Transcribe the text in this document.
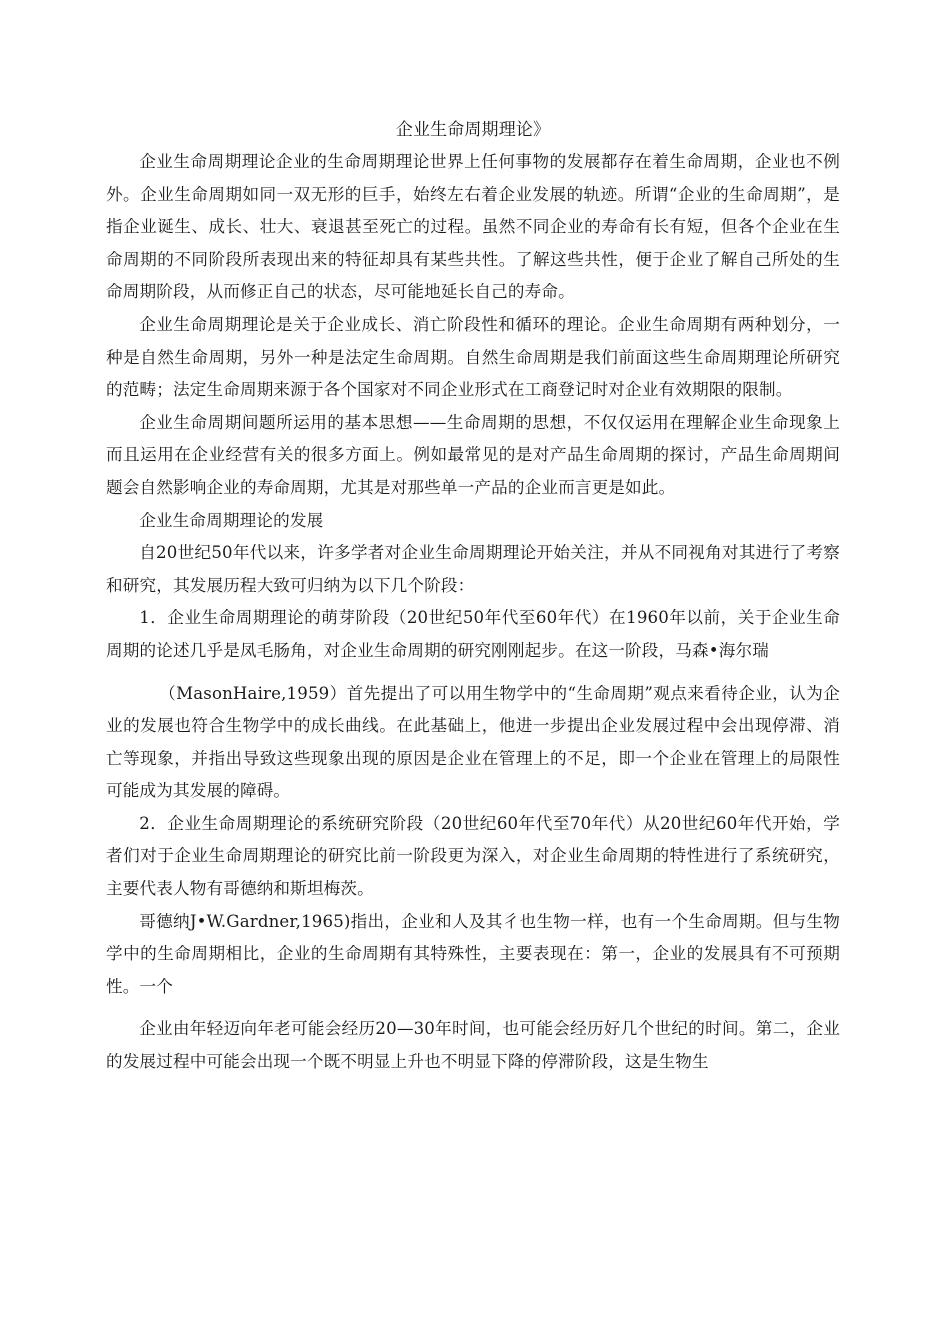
企业生命周期理论》

企业生命周期理论企业的生命周期理论世界上任何事物的发展都存在着生命周期，企业也不例外。企业生命周期如同一双无形的巨手，始终左右着企业发展的轨迹。所谓“企业的生命周期”，是指企业诞生、成长、壮大、衰退甚至死亡的过程。虽然不同企业的寿命有长有短，但各个企业在生命周期的不同阶段所表现出来的特征却具有某些共性。了解这些共性，便于企业了解自己所处的生命周期阶段，从而修正自己的状态，尽可能地延长自己的寿命。

企业生命周期理论是关于企业成长、消亡阶段性和循环的理论。企业生命周期有两种划分，一种是自然生命周期，另外一种是法定生命周期。自然生命周期是我们前面这些生命周期理论所研究的范畴；法定生命周期来源于各个国家对不同企业形式在工商登记时对企业有效期限的限制。

企业生命周期间题所运用的基本思想——生命周期的思想，不仅仅运用在理解企业生命现象上而且运用在企业经营有关的很多方面上。例如最常见的是对产品生命周期的探讨，产品生命周期间题会自然影响企业的寿命周期，尤其是对那些单一产品的企业而言更是如此。

企业生命周期理论的发展

自20世纪50年代以来，许多学者对企业生命周期理论开始关注，并从不同视角对其进行了考察和研究，其发展历程大致可归纳为以下几个阶段：

1．企业生命周期理论的萌芽阶段（20世纪50年代至60年代）在1960年以前，关于企业生命周期的论述几乎是凤毛肠角，对企业生命周期的研究刚刚起步。在这一阶段，马森•海尔瑞

（MasonHaire,1959）首先提出了可以用生物学中的“生命周期”观点来看待企业，认为企业的发展也符合生物学中的成长曲线。在此基础上，他进一步提出企业发展过程中会出现停滞、消亡等现象，并指出导致这些现象出现的原因是企业在管理上的不足，即一个企业在管理上的局限性可能成为其发展的障碍。

2．企业生命周期理论的系统研究阶段（20世纪60年代至70年代）从20世纪60年代开始，学者们对于企业生命周期理论的研究比前一阶段更为深入，对企业生命周期的特性进行了系统研究，主要代表人物有哥德纳和斯坦梅茨。

哥德纳J•W.Gardner,1965)指出，企业和人及其彳也生物一样，也有一个生命周期。但与生物学中的生命周期相比，企业的生命周期有其特殊性，主要表现在：第一，企业的发展具有不可预期性。一个

企业由年轻迈向年老可能会经历20—30年时间，也可能会经历好几个世纪的时间。第二，企业的发展过程中可能会出现一个既不明显上升也不明显下降的停滞阶段，这是生物生
